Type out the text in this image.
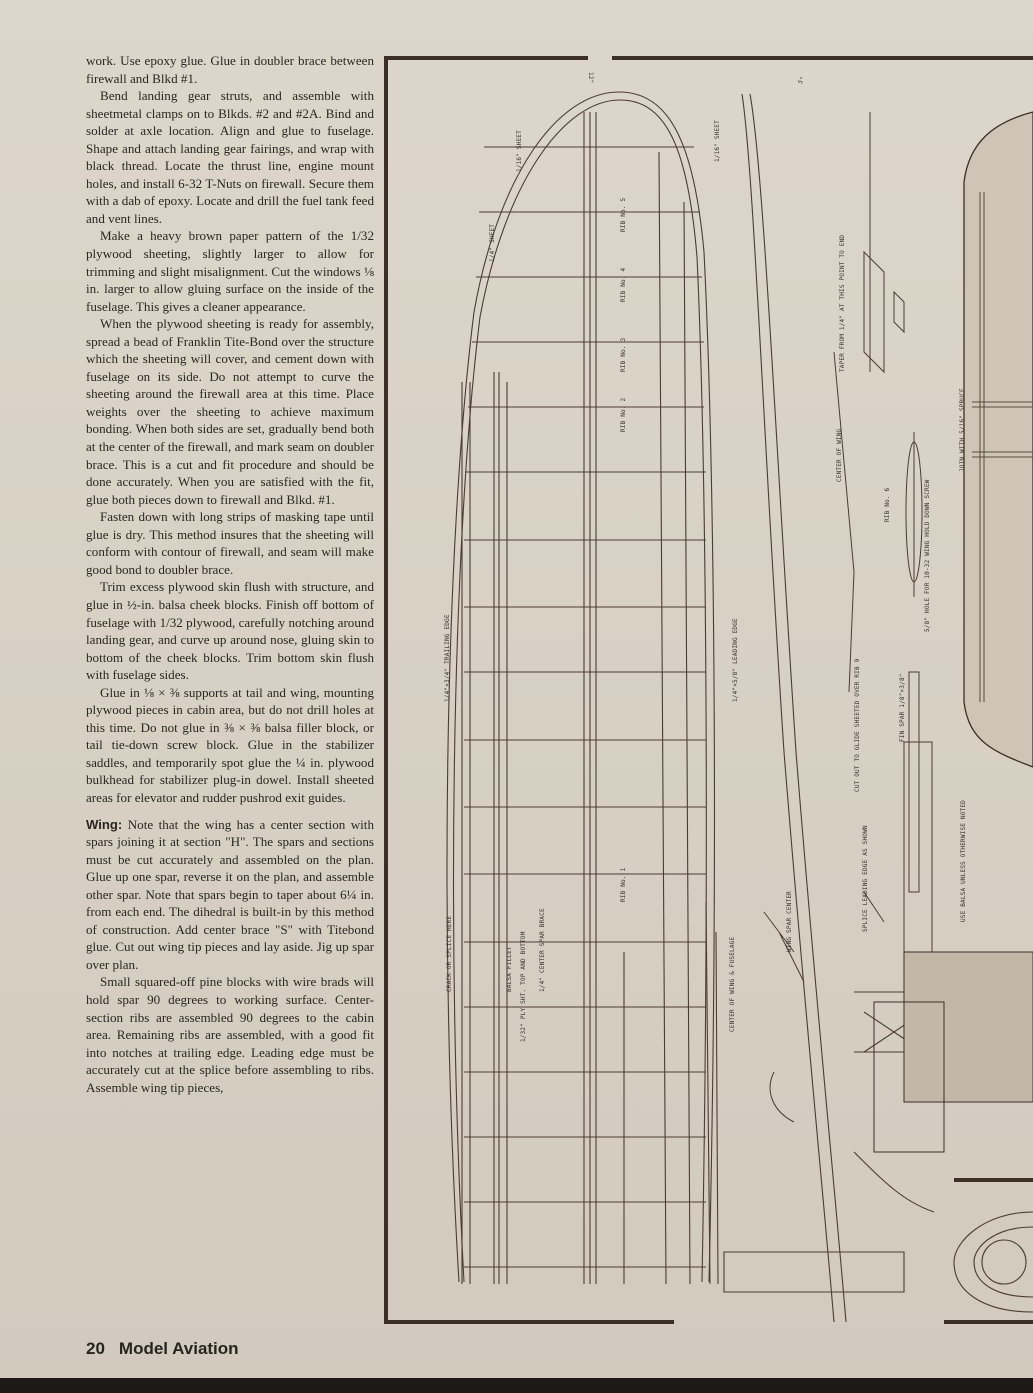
work. Use epoxy glue. Glue in doubler brace between firewall and Blkd #1.

Bend landing gear struts, and assemble with sheetmetal clamps on to Blkds. #2 and #2A. Bind and solder at axle location. Align and glue to fuselage. Shape and attach landing gear fairings, and wrap with black thread. Locate the thrust line, engine mount holes, and install 6-32 T-Nuts on firewall. Secure them with a dab of epoxy. Locate and drill the fuel tank feed and vent lines.

Make a heavy brown paper pattern of the 1/32 plywood sheeting, slightly larger to allow for trimming and slight misalignment. Cut the windows ⅛ in. larger to allow gluing surface on the inside of the fuselage. This gives a cleaner appearance.

When the plywood sheeting is ready for assembly, spread a bead of Franklin Tite-Bond over the structure which the sheeting will cover, and cement down with fuselage on its side. Do not attempt to curve the sheeting around the firewall area at this time. Place weights over the sheeting to achieve maximum bonding. When both sides are set, gradually bend both at the center of the firewall, and mark seam on doubler brace. This is a cut and fit procedure and should be done accurately. When you are satisfied with the fit, glue both pieces down to firewall and Blkd. #1.

Fasten down with long strips of masking tape until glue is dry. This method insures that the sheeting will conform with contour of firewall, and seam will make good bond to doubler brace.

Trim excess plywood skin flush with structure, and glue in ½-in. balsa cheek blocks. Finish off bottom of fuselage with 1/32 plywood, carefully notching around landing gear, and curve up around nose, gluing skin to bottom of the cheek blocks. Trim bottom skin flush with fuselage sides.

Glue in ⅛ × ⅜ supports at tail and wing, mounting plywood pieces in cabin area, but do not drill holes at this time. Do not glue in ⅜ × ⅜ balsa filler block, or tail tie-down screw block. Glue in the stabilizer saddles, and temporarily spot glue the ¼ in. plywood bulkhead for stabilizer plug-in dowel. Install sheeted areas for elevator and rudder pushrod exit guides.

Wing: Note that the wing has a center section with spars joining it at section "H". The spars and sections must be cut accurately and assembled on the plan. Glue up one spar, reverse it on the plan, and assemble other spar. Note that spars begin to taper about 6¼ in. from each end. The dihedral is built-in by this method of construction. Add center brace "S" with Titebond glue. Cut out wing tip pieces and lay aside. Jig up spar over plan.

Small squared-off pine blocks with wire brads will hold spar 90 degrees to working surface. Center-section ribs are assembled 90 degrees to the cabin area. Remaining ribs are assembled, with a good fit into notches at trailing edge. Leading edge must be accurately cut at the splice before assembling to ribs. Assemble wing tip pieces,

20 Model Aviation
12"	5"
1/16" SHEET
1/4" SHEET
1/16" SHEET
1/4"×3/4" TRAILING EDGE	1/4"×5/8" LEADING EDGE
RIB No. 5
RIB No. 4
RIB No. 3
RIB No. 2
RIB No. 1
RIB No. 6
1/4" CENTER SPAR BRACE
1/32" PLY SHT. TOP AND BOTTOM
BALSA FILLET
CRACK OR SPLICE HERE	CENTER OF WING & FUSELAGE
WING SPAR CENTER
CENTER OF WING
TAPER FROM 1/4" AT THIS POINT TO END
JOIN WITH 5/16" SPRUCE
FIN SPAR 1/8"×3/8"
CUT OUT TO GLIDE SHEETED OVER RIB 9
USE BALSA UNLESS OTHERWISE NOTED
SPLICE LEADING EDGE AS SHOWN
5/8" HOLE FOR 10-32 WING HOLD DOWN SCREW
